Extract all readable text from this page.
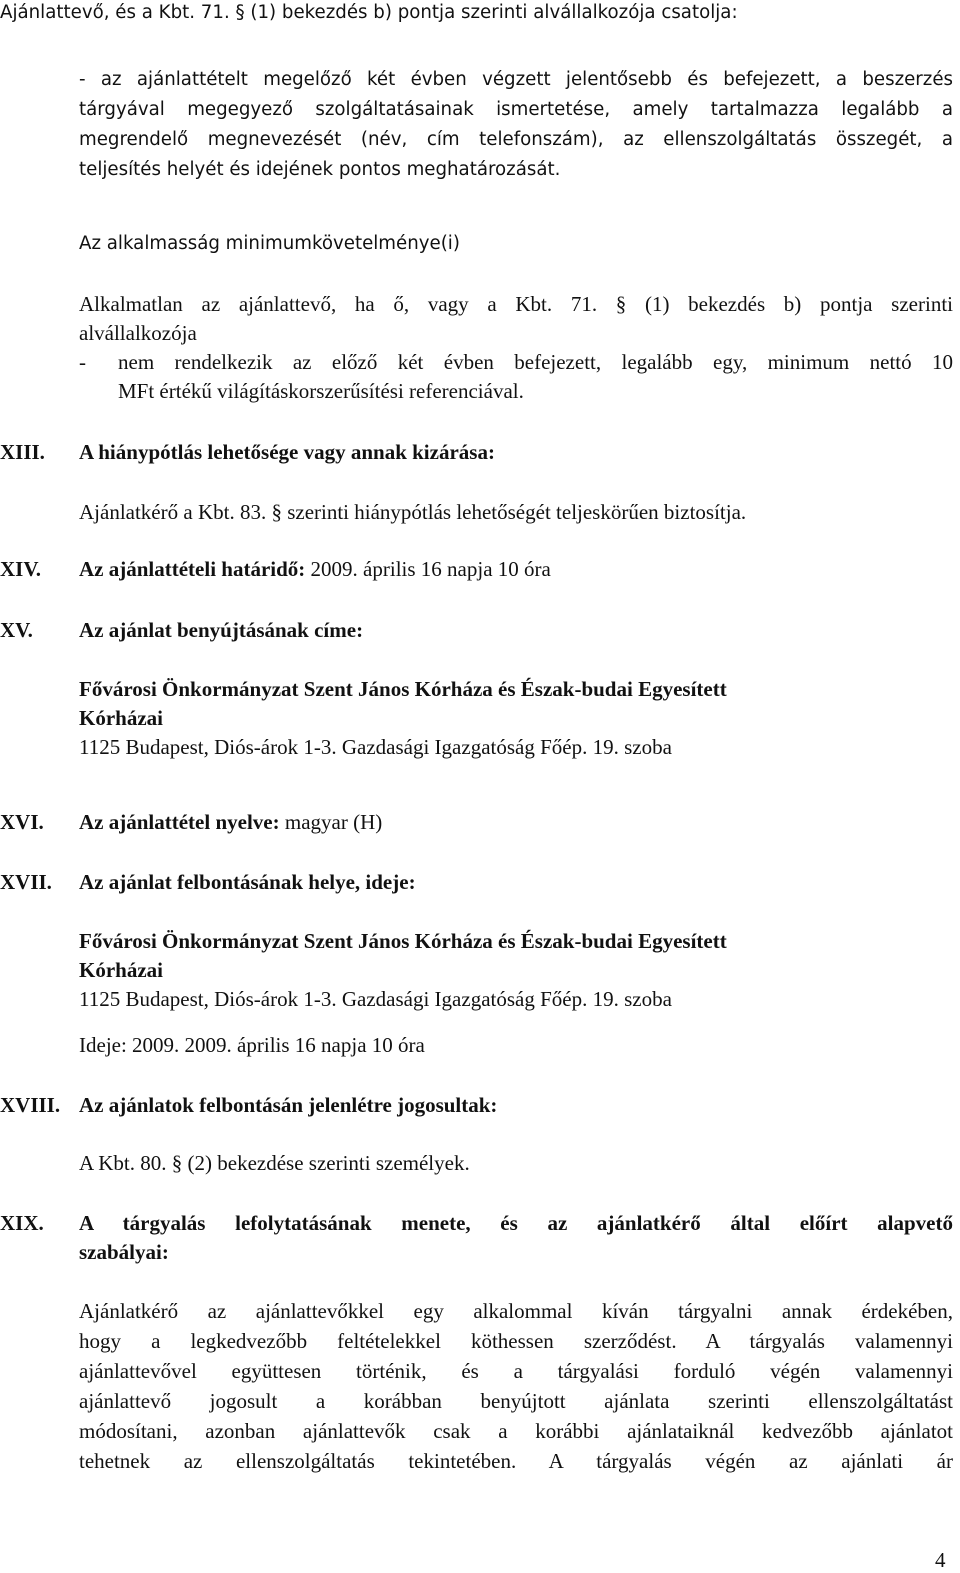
Ajánlattevő, és a Kbt. 71. § (1) bekezdés b) pontja szerinti alvállalkozója csatolja:
- az ajánlattételt megelőző két évben végzett jelentősebb és befejezett, a beszerzés
tárgyával megegyező szolgáltatásainak ismertetése, amely tartalmazza legalább a
megrendelő megnevezését (név, cím telefonszám), az ellenszolgáltatás összegét, a
teljesítés helyét és idejének pontos meghatározását.
Az alkalmasság minimumkövetelménye(i)
Alkalmatlan az ajánlattevő, ha ő, vagy a Kbt. 71. § (1) bekezdés b) pontja szerinti
alvállalkozója
- nem rendelkezik az előző két évben befejezett, legalább egy, minimum nettó 10
MFt értékű világításkorszerűsítési referenciával.
XIII. A hiánypótlás lehetősége vagy annak kizárása:
Ajánlatkérő a Kbt. 83. § szerinti hiánypótlás lehetőségét teljeskörűen biztosítja.
XIV. Az ajánlattételi határidő: 2009. április 16 napja 10 óra
XV. Az ajánlat benyújtásának címe:
Fővárosi Önkormányzat Szent János Kórháza és Észak-budai Egyesített
Kórházai
1125 Budapest, Diós-árok 1-3. Gazdasági Igazgatóság Főép. 19. szoba
XVI. Az ajánlattétel nyelve: magyar (H)
XVII. Az ajánlat felbontásának helye, ideje:
Fővárosi Önkormányzat Szent János Kórháza és Észak-budai Egyesített
Kórházai
1125 Budapest, Diós-árok 1-3. Gazdasági Igazgatóság Főép. 19. szoba
Ideje: 2009. 2009. április 16 napja 10 óra
XVIII. Az ajánlatok felbontásán jelenlétre jogosultak:
A Kbt. 80. § (2) bekezdése szerinti személyek.
XIX. A tárgyalás lefolytatásának menete, és az ajánlatkérő által előírt alapvető
szabályai:
Ajánlatkérő az ajánlattevőkkel egy alkalommal kíván tárgyalni annak érdekében,
hogy a legkedvezőbb feltételekkel köthessen szerződést. A tárgyalás valamennyi
ajánlattevővel együttesen történik, és a tárgyalási forduló végén valamennyi
ajánlattevő jogosult a korábban benyújtott ajánlata szerinti ellenszolgáltatást
módosítani, azonban ajánlattevők csak a korábbi ajánlataiknál kedvezőbb ajánlatot
tehetnek az ellenszolgáltatás tekintetében. A tárgyalás végén az ajánlati ár
4
